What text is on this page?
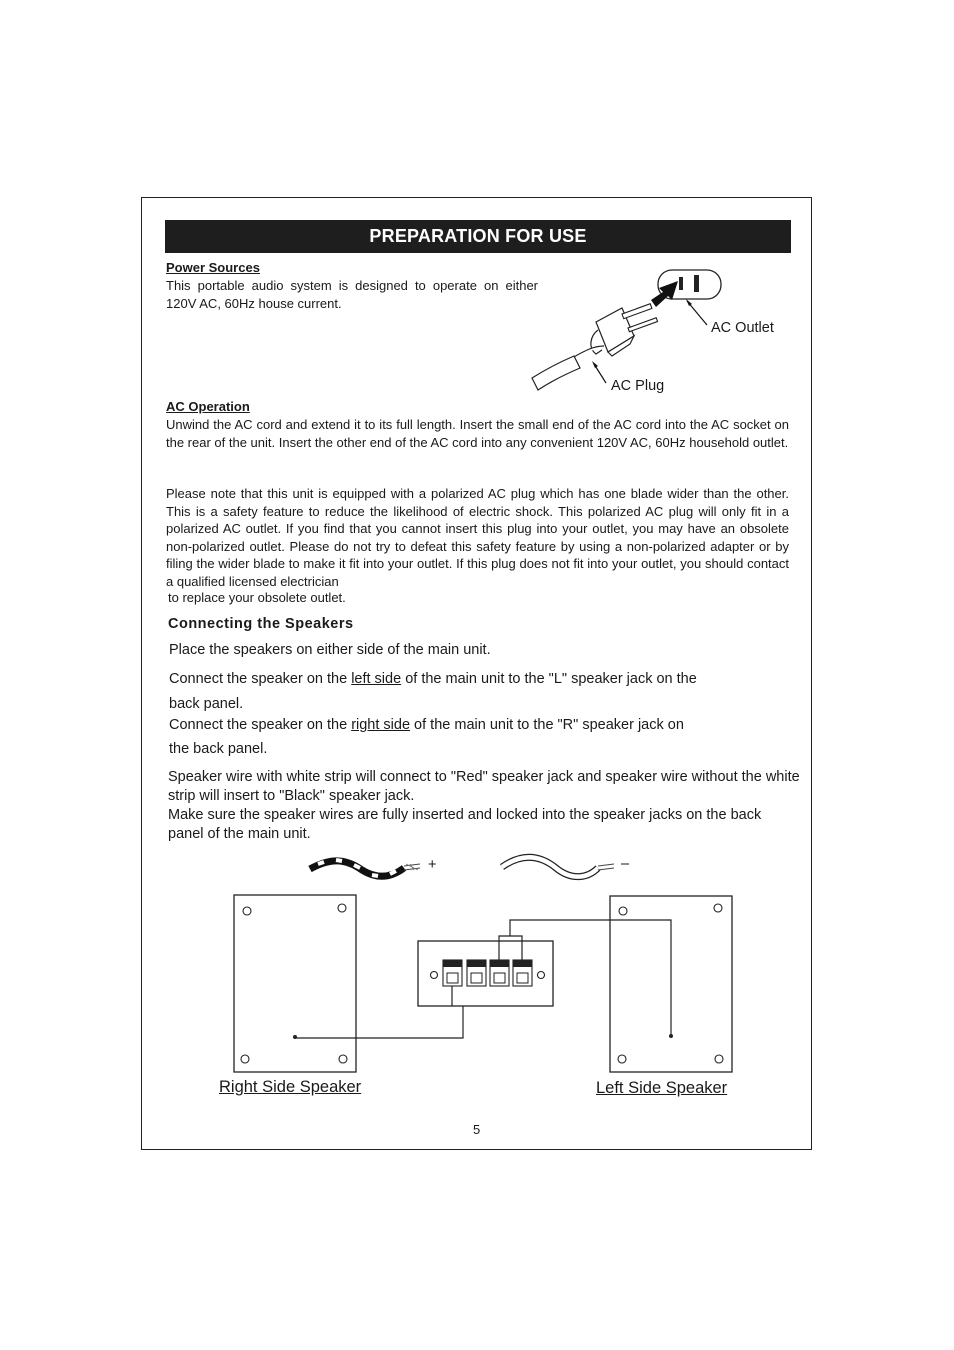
PREPARATION FOR USE
Power Sources
This portable audio system is designed to operate on either 120V AC, 60Hz house current.
AC Outlet
AC Plug
AC Operation
Unwind the AC cord and extend it to its full length. Insert the small end of the AC cord into the AC socket on the rear of the unit. Insert the other end of the AC cord into any convenient 120V AC, 60Hz household outlet.
Please note that this unit is equipped with a polarized AC plug which has one blade wider than the other. This is a safety feature to reduce the likelihood of electric shock. This polarized AC plug will only fit in a polarized AC outlet. If you find that you cannot insert this plug into your outlet, you may have an obsolete non-polarized outlet. Please do not try to defeat this safety feature by using a non-polarized adapter or by filing the wider blade to make it fit into your outlet. If this plug does not fit into your outlet, you should contact a qualified licensed electrician
to replace your obsolete outlet.
Connecting the Speakers
Place the speakers on either side of the main unit.
Connect the speaker on the left side of the main unit to the "L" speaker jack on the
back panel.
Connect the speaker on the right side of the main unit to the "R" speaker jack on
the back panel.
Speaker wire with white strip will connect to "Red" speaker jack and speaker wire without the white strip will insert to "Black" speaker jack.
Make sure the speaker wires are fully inserted and locked into the speaker jacks on the back panel of the main unit.
+	–
Right Side Speaker	Left Side Speaker
5
